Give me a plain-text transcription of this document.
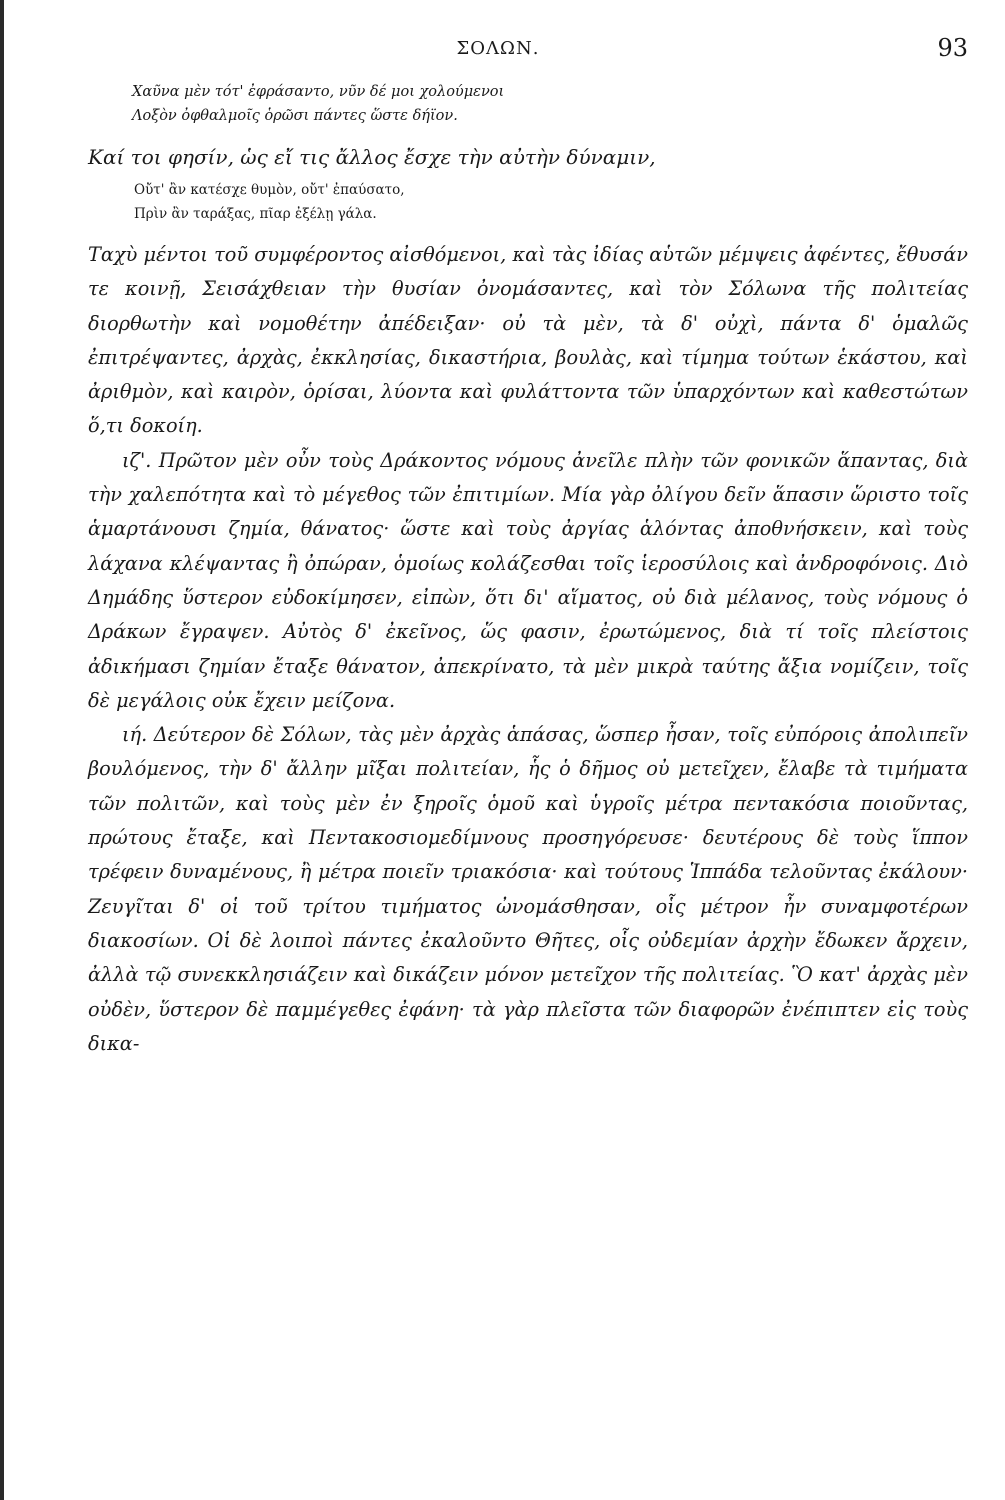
ΣΟΛΩΝ.	93

Χαῦνα μὲν τότ' ἐφράσαντο, νῦν δέ μοι χολούμενοι

Λοξὸν ὀφθαλμοῖς ὁρῶσι πάντες ὥστε δήϊον.

Καί τοι φησίν, ὡς εἴ τις ἄλλος ἔσχε τὴν αὐτὴν δύναμιν,

Οὔτ' ἂν κατέσχε θυμὸν, οὔτ' ἐπαύσατο,

Πρὶν ἂν ταράξας, πῖαρ ἐξέλῃ γάλα.

Ταχὺ μέντοι τοῦ συμφέροντος αἰσθόμενοι, καὶ τὰς ἰδίας αὑτῶν μέμψεις ἀφέντες, ἔθυσάν τε κοινῇ, Σεισάχθειαν τὴν θυσίαν ὀνομάσαντες, καὶ τὸν Σόλωνα τῆς πολιτείας διορθωτὴν καὶ νομοθέτην ἀπέδειξαν· οὐ τὰ μὲν, τὰ δ' οὐχὶ, πάντα δ' ὁμαλῶς ἐπιτρέψαντες, ἀρχὰς, ἐκκλησίας, δικαστήρια, βουλὰς, καὶ τίμημα τούτων ἑκάστου, καὶ ἀριθμὸν, καὶ καιρὸν, ὁρίσαι, λύοντα καὶ φυλάττοντα τῶν ὑπαρχόντων καὶ καθεστώτων ὅ,τι δοκοίη.

ιζ'. Πρῶτον μὲν οὖν τοὺς Δράκοντος νόμους ἀνεῖλε πλὴν τῶν φονικῶν ἅπαντας, διὰ τὴν χαλεπότητα καὶ τὸ μέγεθος τῶν ἐπιτιμίων. Μία γὰρ ὀλίγου δεῖν ἅπασιν ὥριστο τοῖς ἁμαρτάνουσι ζημία, θάνατος· ὥστε καὶ τοὺς ἀργίας ἁλόντας ἀποθνήσκειν, καὶ τοὺς λάχανα κλέψαντας ἢ ὀπώραν, ὁμοίως κολάζεσθαι τοῖς ἱεροσύλοις καὶ ἀνδροφόνοις. Διὸ Δημάδης ὕστερον εὐδοκίμησεν, εἰπὼν, ὅτι δι' αἵματος, οὐ διὰ μέλανος, τοὺς νόμους ὁ Δράκων ἔγραψεν. Αὐτὸς δ' ἐκεῖνος, ὥς φασιν, ἐρωτώμενος, διὰ τί τοῖς πλείστοις ἀδικήμασι ζημίαν ἔταξε θάνατον, ἀπεκρίνατο, τὰ μὲν μικρὰ ταύτης ἄξια νομίζειν, τοῖς δὲ μεγάλοις οὐκ ἔχειν μείζονα.

ιή. Δεύτερον δὲ Σόλων, τὰς μὲν ἀρχὰς ἁπάσας, ὥσπερ ἦσαν, τοῖς εὐπόροις ἀπολιπεῖν βουλόμενος, τὴν δ' ἄλλην μῖξαι πολιτείαν, ἧς ὁ δῆμος οὐ μετεῖχεν, ἔλαβε τὰ τιμήματα τῶν πολιτῶν, καὶ τοὺς μὲν ἐν ξηροῖς ὁμοῦ καὶ ὑγροῖς μέτρα πεντακόσια ποιοῦντας, πρώτους ἔταξε, καὶ Πεντακοσιομεδίμνους προσηγόρευσε· δευτέρους δὲ τοὺς ἵππον τρέφειν δυναμένους, ἢ μέτρα ποιεῖν τριακόσια· καὶ τούτους Ἱππάδα τελοῦντας ἐκάλουν· Ζευγῖται δ' οἱ τοῦ τρίτου τιμήματος ὠνομάσθησαν, οἷς μέτρον ἦν συναμφοτέρων διακοσίων. Οἱ δὲ λοιποὶ πάντες ἐκαλοῦντο Θῆτες, οἷς οὐδεμίαν ἀρχὴν ἔδωκεν ἄρχειν, ἀλλὰ τῷ συνεκκλησιάζειν καὶ δικάζειν μόνον μετεῖχον τῆς πολιτείας. Ὃ κατ' ἀρχὰς μὲν οὐδὲν, ὕστερον δὲ παμμέγεθες ἐφάνη· τὰ γὰρ πλεῖστα τῶν διαφορῶν ἐνέπιπτεν εἰς τοὺς δικα-
